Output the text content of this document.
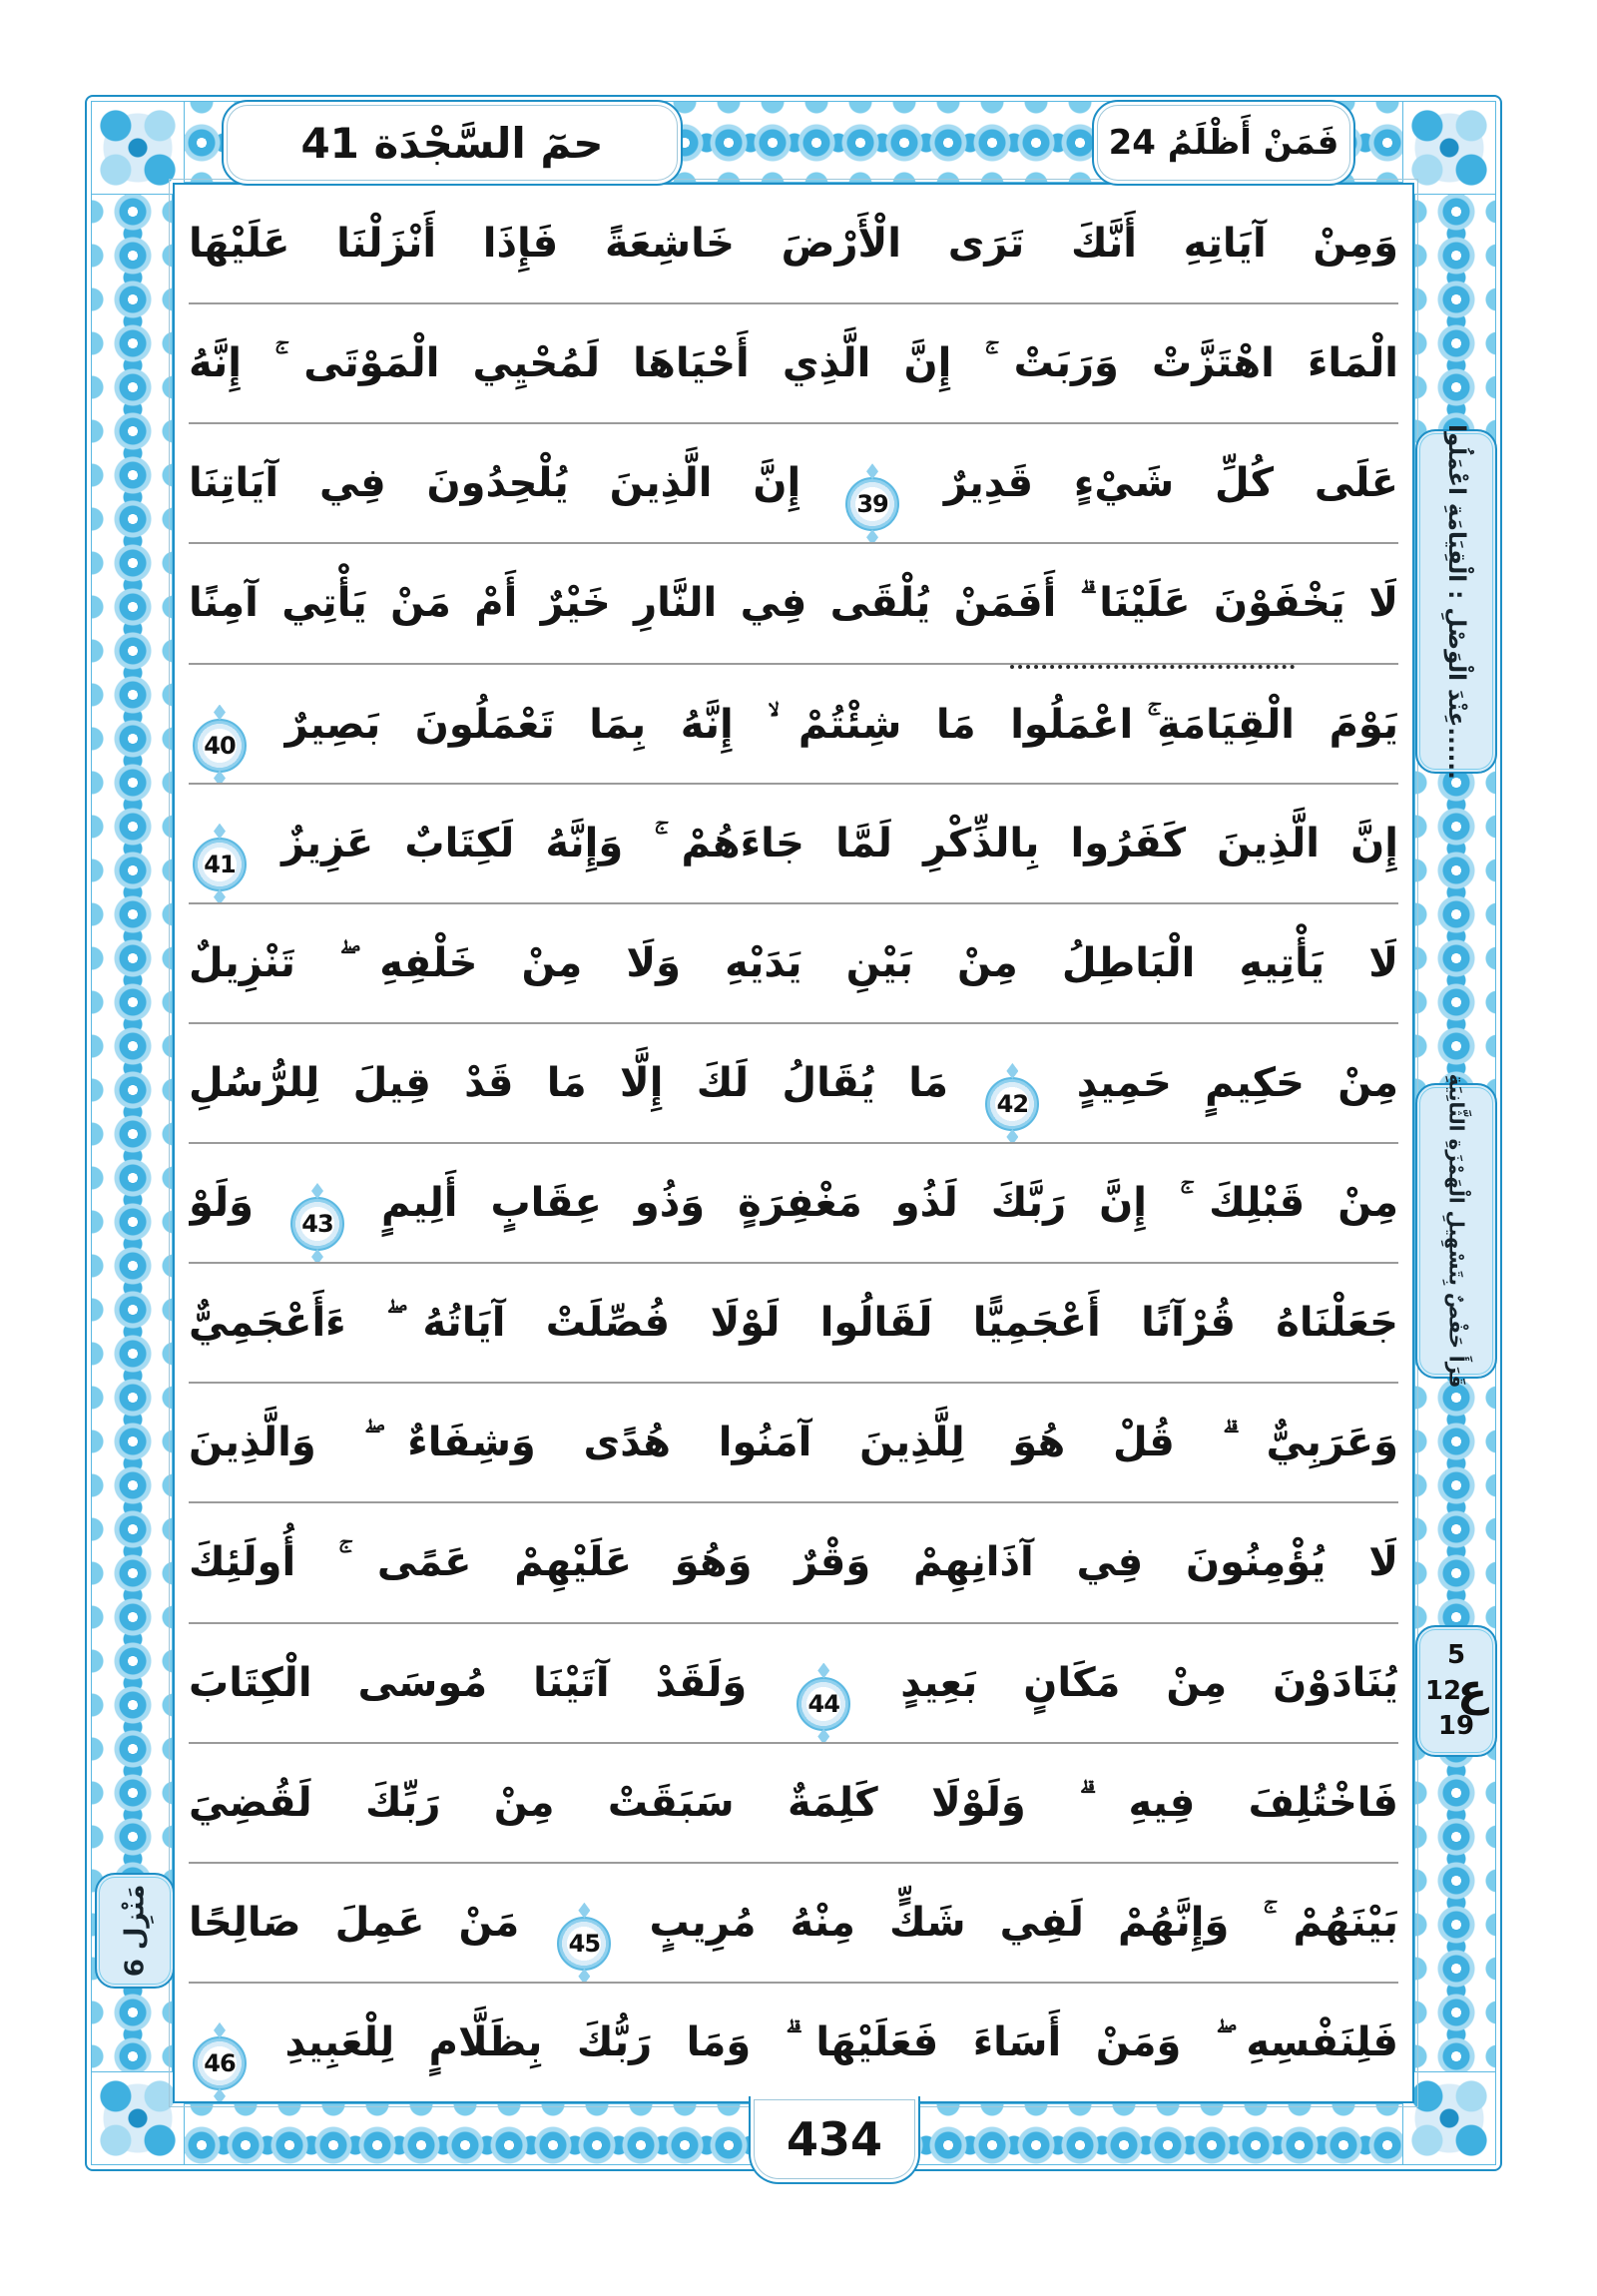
وَمِنْ آيَاتِهِ أَنَّكَ تَرَى الْأَرْضَ خَاشِعَةً فَإِذَا أَنْزَلْنَا عَلَيْهَا
الْمَاءَ اهْتَزَّتْ وَرَبَتْ ۚ إِنَّ الَّذِي أَحْيَاهَا لَمُحْيِي الْمَوْتَى ۚ إِنَّهُ
عَلَى كُلِّ شَيْءٍ قَدِيرٌ
39
إِنَّ الَّذِينَ يُلْحِدُونَ فِي آيَاتِنَا
لَا يَخْفَوْنَ عَلَيْنَا ۗ أَفَمَنْ يُلْقَى فِي النَّارِ خَيْرٌ أَمْ مَنْ يَأْتِي آمِنًا
يَوْمَ الْقِيَامَةِ ۚ اعْمَلُوا مَا شِئْتُمْ ۙ إِنَّهُ بِمَا تَعْمَلُونَ بَصِيرٌ
40
إِنَّ الَّذِينَ كَفَرُوا بِالذِّكْرِ لَمَّا جَاءَهُمْ ۚ وَإِنَّهُ لَكِتَابٌ عَزِيزٌ
41
لَا يَأْتِيهِ الْبَاطِلُ مِنْ بَيْنِ يَدَيْهِ وَلَا مِنْ خَلْفِهِ ۖ تَنْزِيلٌ
مِنْ حَكِيمٍ حَمِيدٍ
42
مَا يُقَالُ لَكَ إِلَّا مَا قَدْ قِيلَ لِلرُّسُلِ
مِنْ قَبْلِكَ ۚ إِنَّ رَبَّكَ لَذُو مَغْفِرَةٍ وَذُو عِقَابٍ أَلِيمٍ
43
وَلَوْ
جَعَلْنَاهُ قُرْآنًا أَعْجَمِيًّا لَقَالُوا لَوْلَا فُصِّلَتْ آيَاتُهُ ۖ ءَأَعْجَمِيٌّ
وَعَرَبِيٌّ ۗ قُلْ هُوَ لِلَّذِينَ آمَنُوا هُدًى وَشِفَاءٌ ۖ وَالَّذِينَ
لَا يُؤْمِنُونَ فِي آذَانِهِمْ وَقْرٌ وَهُوَ عَلَيْهِمْ عَمًى ۚ أُولَئِكَ
يُنَادَوْنَ مِنْ مَكَانٍ بَعِيدٍ
44
وَلَقَدْ آتَيْنَا مُوسَى الْكِتَابَ
فَاخْتُلِفَ فِيهِ ۗ وَلَوْلَا كَلِمَةٌ سَبَقَتْ مِنْ رَبِّكَ لَقُضِيَ
بَيْنَهُمْ ۚ وَإِنَّهُمْ لَفِي شَكٍّ مِنْهُ مُرِيبٍ
45
مَنْ عَمِلَ صَالِحًا
فَلِنَفْسِهِ ۖ وَمَنْ أَسَاءَ فَعَلَيْهَا ۗ وَمَا رَبُّكَ بِظَلَّامٍ لِلْعَبِيدِ
46
حمٓ السَّجْدَة 41	فَمَنْ أَظْلَمُ 24
434
......عِنْدَ الْوَصْلِ : الْقِيَامَةِ اعْمَلُوا
قَرَأَ حَفْصٌ بِتَسْهِيلِ الْهَمْزَةِ الثَّانِيَةِ
5
ع
12
19
مَنْزِل 6
